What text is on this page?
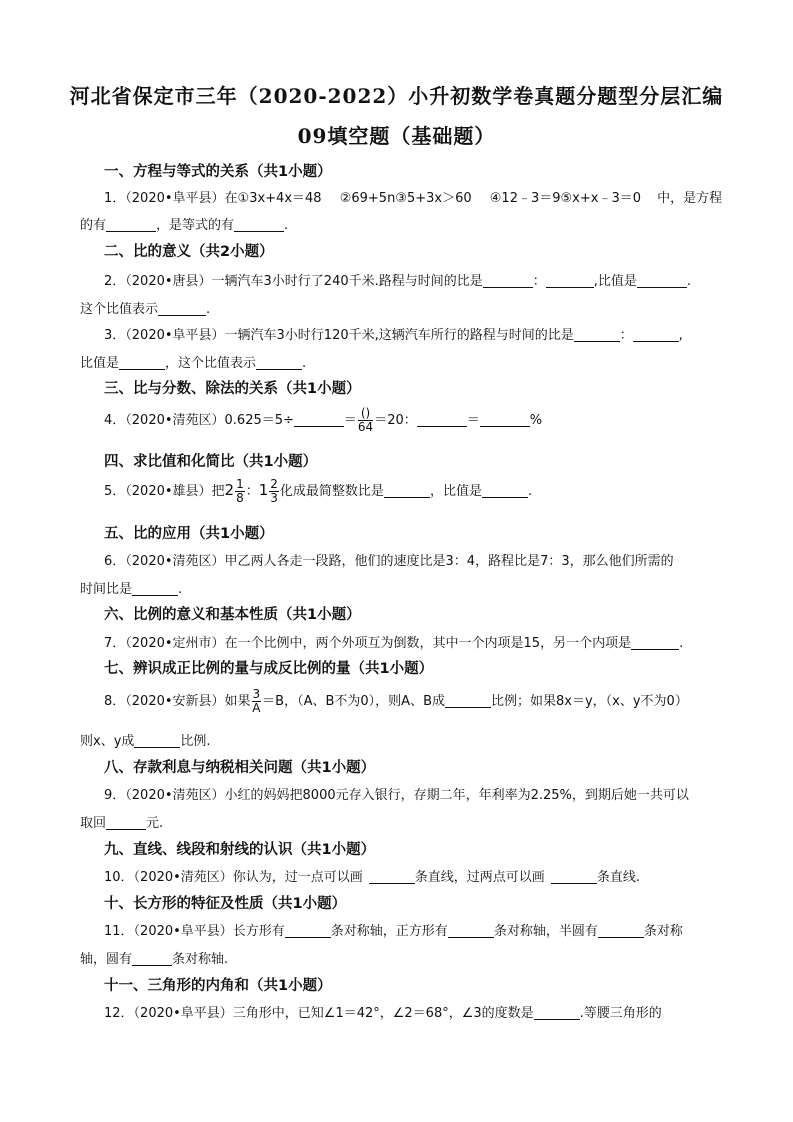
河北省保定市三年（2020-2022）小升初数学卷真题分题型分层汇编
09填空题（基础题）
一、方程与等式的关系（共1小题）
1．（2020•阜平县）在①3x+4x＝48 ②69+5n③5+3x＞60 ④12﹣3＝9⑤x+x﹣3＝0 中，是方程
的有	，是等式的有	.
二、比的意义（共2小题）
2．（2020•唐县）一辆汽车3小时行了240千米.路程与时间的比是	：	,比值是	.
这个比值表示	.
3．（2020•阜平县）一辆汽车3小时行120千米,这辆汽车所行的路程与时间的比是	：	,
比值是	，这个比值表示	.
三、比与分数、除法的关系（共1小题）
4．（2020•清苑区）0.625＝5÷	＝ $\frac{()}{64} =20$：	＝	%
四、求比值和化简比（共1小题）
5．（2020•雄县）把$2 \frac{1}{8}$ ：$1 \frac{2}{3}$ 化成最简整数比是	，比值是	.
五、比的应用（共1小题）
6．（2020•清苑区）甲乙两人各走一段路，他们的速度比是3：4，路程比是7：3，那么他们所需的
时间比是	.
六、比例的意义和基本性质（共1小题）
7．（2020•定州市）在一个比例中，两个外项互为倒数，其中一个内项是15，另一个内项是	.
七、辨识成正比例的量与成反比例的量（共1小题）
8．（2020•安新县）如果 $\frac{3}{A} =B$，（A、B不为0），则A、B成	比例；如果8x＝y，（x、y不为0）
则x、y成	比例.
八、存款利息与纳税相关问题（共1小题）
9．（2020•清苑区）小红的妈妈把8000元存入银行，存期二年，年利率为2.25%，到期后她一共可以
取回	元.
九、直线、线段和射线的认识（共1小题）
10．（2020•清苑区）你认为，过一点可以画	条直线，过两点可以画	条直线.
十、长方形的特征及性质（共1小题）
11．（2020•阜平县）长方形有	条对称轴，正方形有	条对称轴，半圆有	条对称
轴，圆有	条对称轴.
十一、三角形的内角和（共1小题）
12．（2020•阜平县）三角形中，已知∠1＝42°，∠2＝68°，∠3的度数是	.等腰三角形的
